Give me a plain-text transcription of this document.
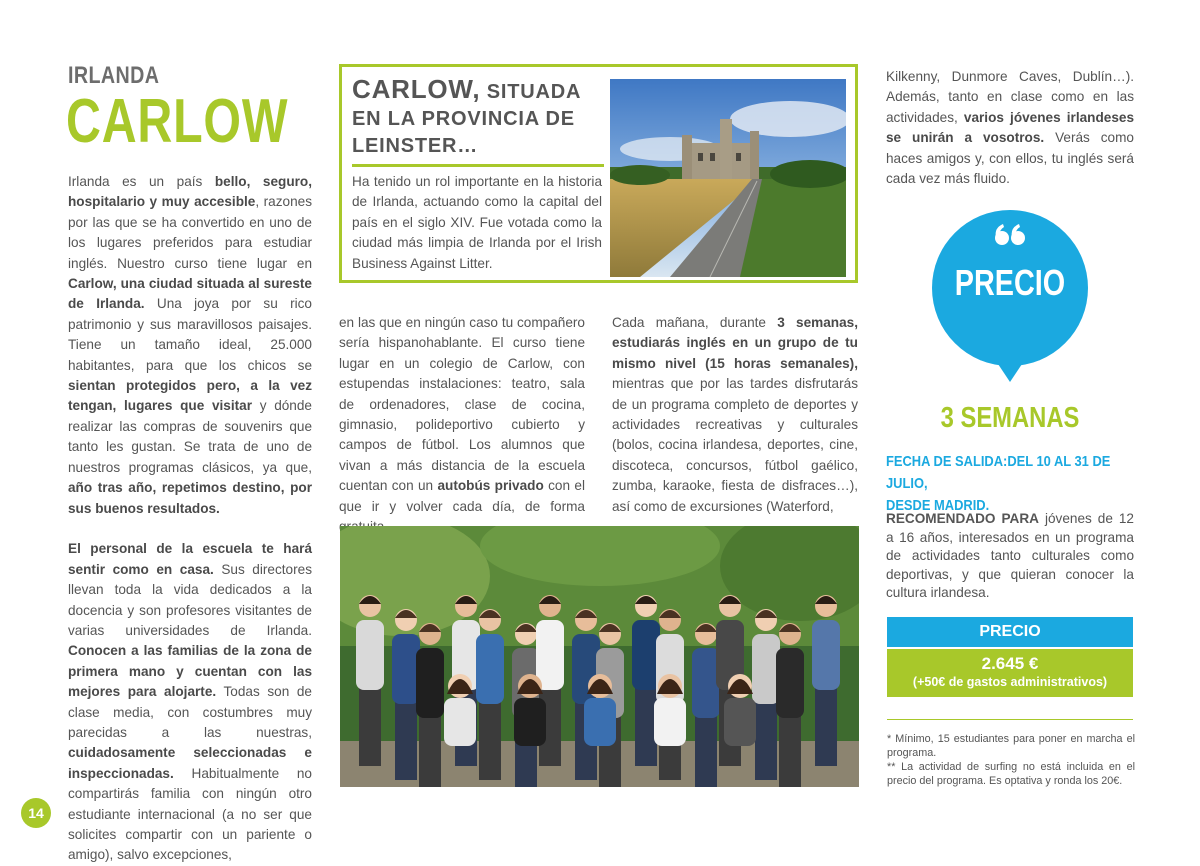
IRLANDA
CARLOW CARLOW, SITUADA EN LA PROVINCIA DE LEINSTER…
Ha tenido un rol importante en la historia de Irlanda, actuando como la capital del país en el siglo XIV. Fue votada como la ciudad más limpia de Irlanda por el Irish Business Against Litter.

Irlanda es un país bello, seguro, hospitalario y muy accesible, razones por las que se ha convertido en uno de los lugares preferidos para estudiar inglés. Nuestro curso tiene lugar en Carlow, una ciudad situada al sureste de Irlanda. Una joya por su rico patrimonio y sus maravillosos paisajes. Tiene un tamaño ideal, 25.000 habitantes, para que los chicos se sientan protegidos pero, a la vez tengan, lugares que visitar y dónde realizar las compras de souvenirs que tanto les gustan. Se trata de uno de nuestros programas clásicos, ya que, año tras año, repetimos destino, por sus buenos resultados.

El personal de la escuela te hará sentir como en casa. Sus directores llevan toda la vida dedicados a la docencia y son profesores visitantes de varias universidades de Irlanda. Conocen a las familias de la zona de primera mano y cuentan con las mejores para alojarte. Todas son de clase media, con costumbres muy parecidas a las nuestras, cuidadosamente seleccionadas e inspeccionadas. Habitualmente no compartirás familia con ningún otro estudiante internacional (a no ser que solicites compartir con un pariente o amigo), salvo excepciones,

en las que en ningún caso tu compañero sería hispanohablante. El curso tiene lugar en un colegio de Carlow, con estupendas instalaciones: teatro, sala de ordenadores, clase de cocina, gimnasio, polideportivo cubierto y campos de fútbol. Los alumnos que vivan a más distancia de la escuela cuentan con un autobús privado con el que ir y volver cada día, de forma

Cada mañana, durante 3 semanas, estudiarás inglés en un grupo de tu mismo nivel (15 horas semanales), mientras que por las tardes disfrutarás de un programa completo de deportes y actividades recreativas y culturales (bolos, cocina irlandesa, deportes, cine, discoteca, concursos, fútbol gaélico, zumba, karaoke, fiesta de disfraces…), así como de excursiones (Waterford,

Kilkenny, Dunmore Caves, Dublín…). Además, tanto en clase como en las actividades, varios jóvenes irlandeses se unirán a vosotros. Verás como haces amigos y, con ellos, tu inglés será cada vez más fluido.

PRECIO
3 SEMANAS
FECHA DE SALIDA:DEL 10 AL 31 DE JULIO,
DESDE MADRID.
RECOMENDADO PARA jóvenes de 12 a 16 años, interesados en un programa de actividades tanto culturales como deportivas, y que quieran conocer la cultura irlandesa.
PRECIO
2.645 €
(+50€ de gastos administrativos)

* Mínimo, 15 estudiantes para poner en marcha el programa.

** La actividad de surfing no está incluida en el precio del programa. Es optativa y ronda los 20€.

14
